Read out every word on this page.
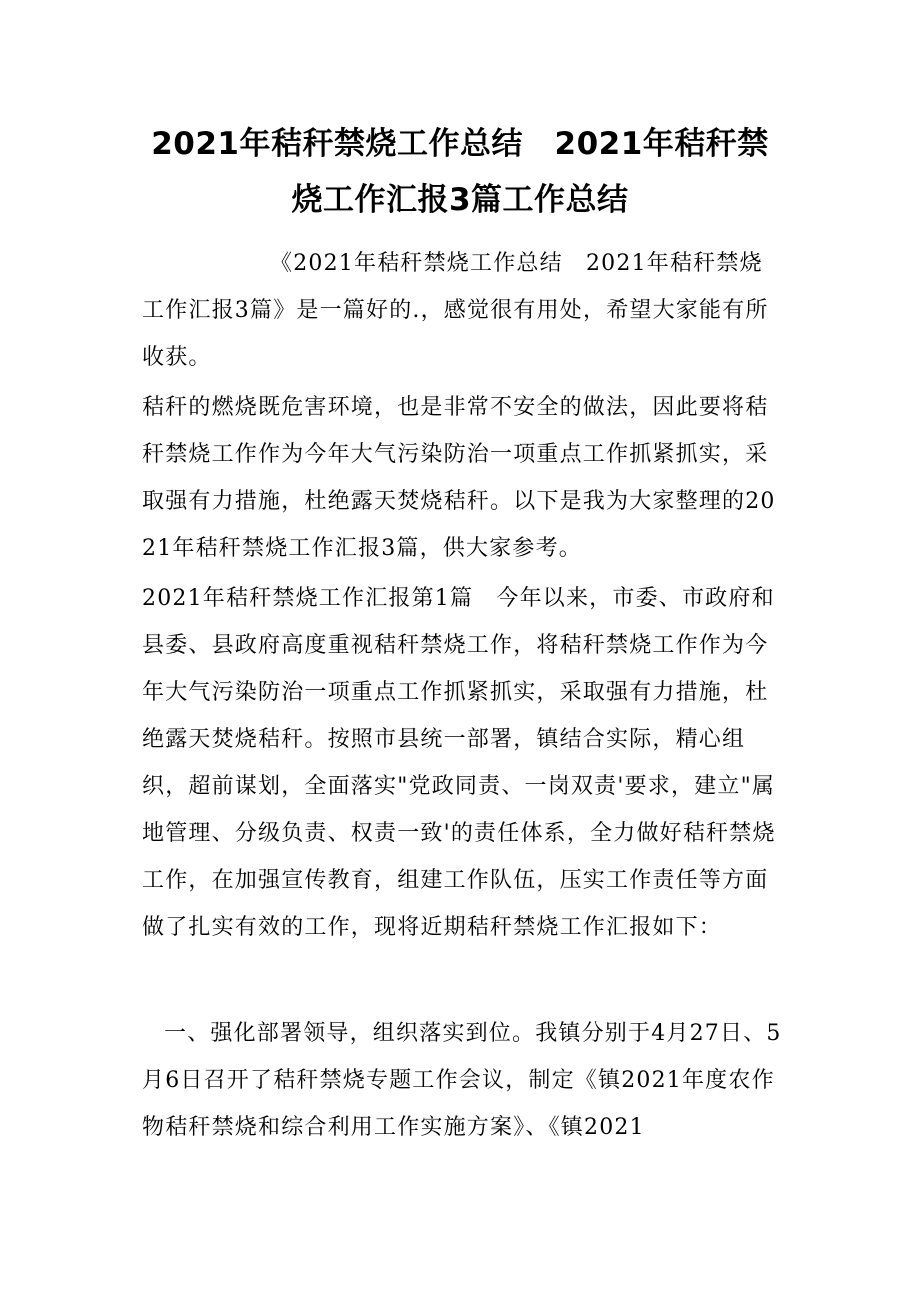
2021年秸秆禁烧工作总结　2021年秸秆禁
烧工作汇报3篇工作总结

《2021年秸秆禁烧工作总结　2021年秸秆禁烧工作汇报3篇》是一篇好的.，感觉很有用处，希望大家能有所收获。

秸秆的燃烧既危害环境，也是非常不安全的做法，因此要将秸秆禁烧工作作为今年大气污染防治一项重点工作抓紧抓实，采取强有力措施，杜绝露天焚烧秸秆。以下是我为大家整理的2021年秸秆禁烧工作汇报3篇，供大家参考。

2021年秸秆禁烧工作汇报第1篇　今年以来，市委、市政府和县委、县政府高度重视秸秆禁烧工作，将秸秆禁烧工作作为今年大气污染防治一项重点工作抓紧抓实，采取强有力措施，杜绝露天焚烧秸秆。按照市县统一部署，镇结合实际，精心组织，超前谋划，全面落实"党政同责、一岗双责'要求，建立"属地管理、分级负责、权责一致'的责任体系，全力做好秸秆禁烧工作，在加强宣传教育，组建工作队伍，压实工作责任等方面做了扎实有效的工作，现将近期秸秆禁烧工作汇报如下：

一、强化部署领导，组织落实到位。我镇分别于4月27日、5月6日召开了秸秆禁烧专题工作会议，制定《镇2021年度农作物秸秆禁烧和综合利用工作实施方案》、《镇2021
